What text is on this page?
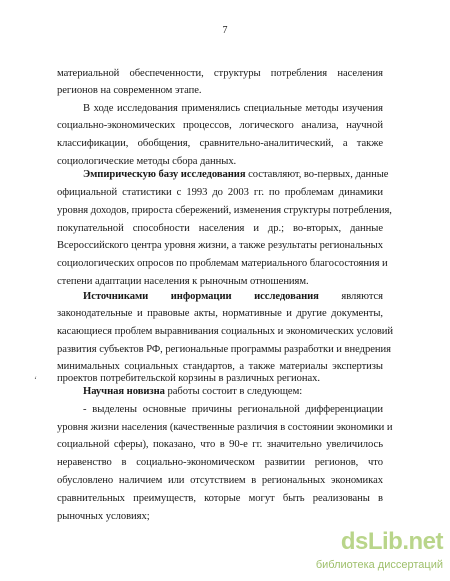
7
материальной обеспеченности, структуры потребления населения
регионов на современном этапе.
В ходе исследования применялись специальные методы изучения
социально-экономических процессов, логического анализа, научной
классификации, обобщения, сравнительно-аналитический, а также
социологические методы сбора данных.
Эмпирическую базу исследования составляют, во-первых, данные
официальной статистики с 1993 до 2003 гг. по проблемам динамики
уровня доходов, прироста сбережений, изменения структуры потребления,
покупательной способности населения и др.; во-вторых, данные
Всероссийского центра уровня жизни, а также результаты региональных
социологических опросов по проблемам материального благосостояния и
степени адаптации населения к рыночным отношениям.
Источниками информации исследования являются
законодательные и правовые акты, нормативные и другие документы,
касающиеся проблем выравнивания социальных и экономических условий
развития субъектов РФ, региональные программы разработки и внедрения
минимальных социальных стандартов, а также материалы экспертизы
проектов потребительской корзины в различных регионах.
‘
Научная новизна работы состоит в следующем:
- выделены основные причины региональной дифференциации
уровня жизни населения (качественные различия в состоянии экономики и
социальной сферы), показано, что в 90-е гг. значительно увеличилось
неравенство в социально-экономическом развитии регионов, что
обусловлено наличием или отсутствием в региональных экономиках
сравнительных преимуществ, которые могут быть реализованы в
рыночных условиях;
dsLib.net
библиотека диссертаций
